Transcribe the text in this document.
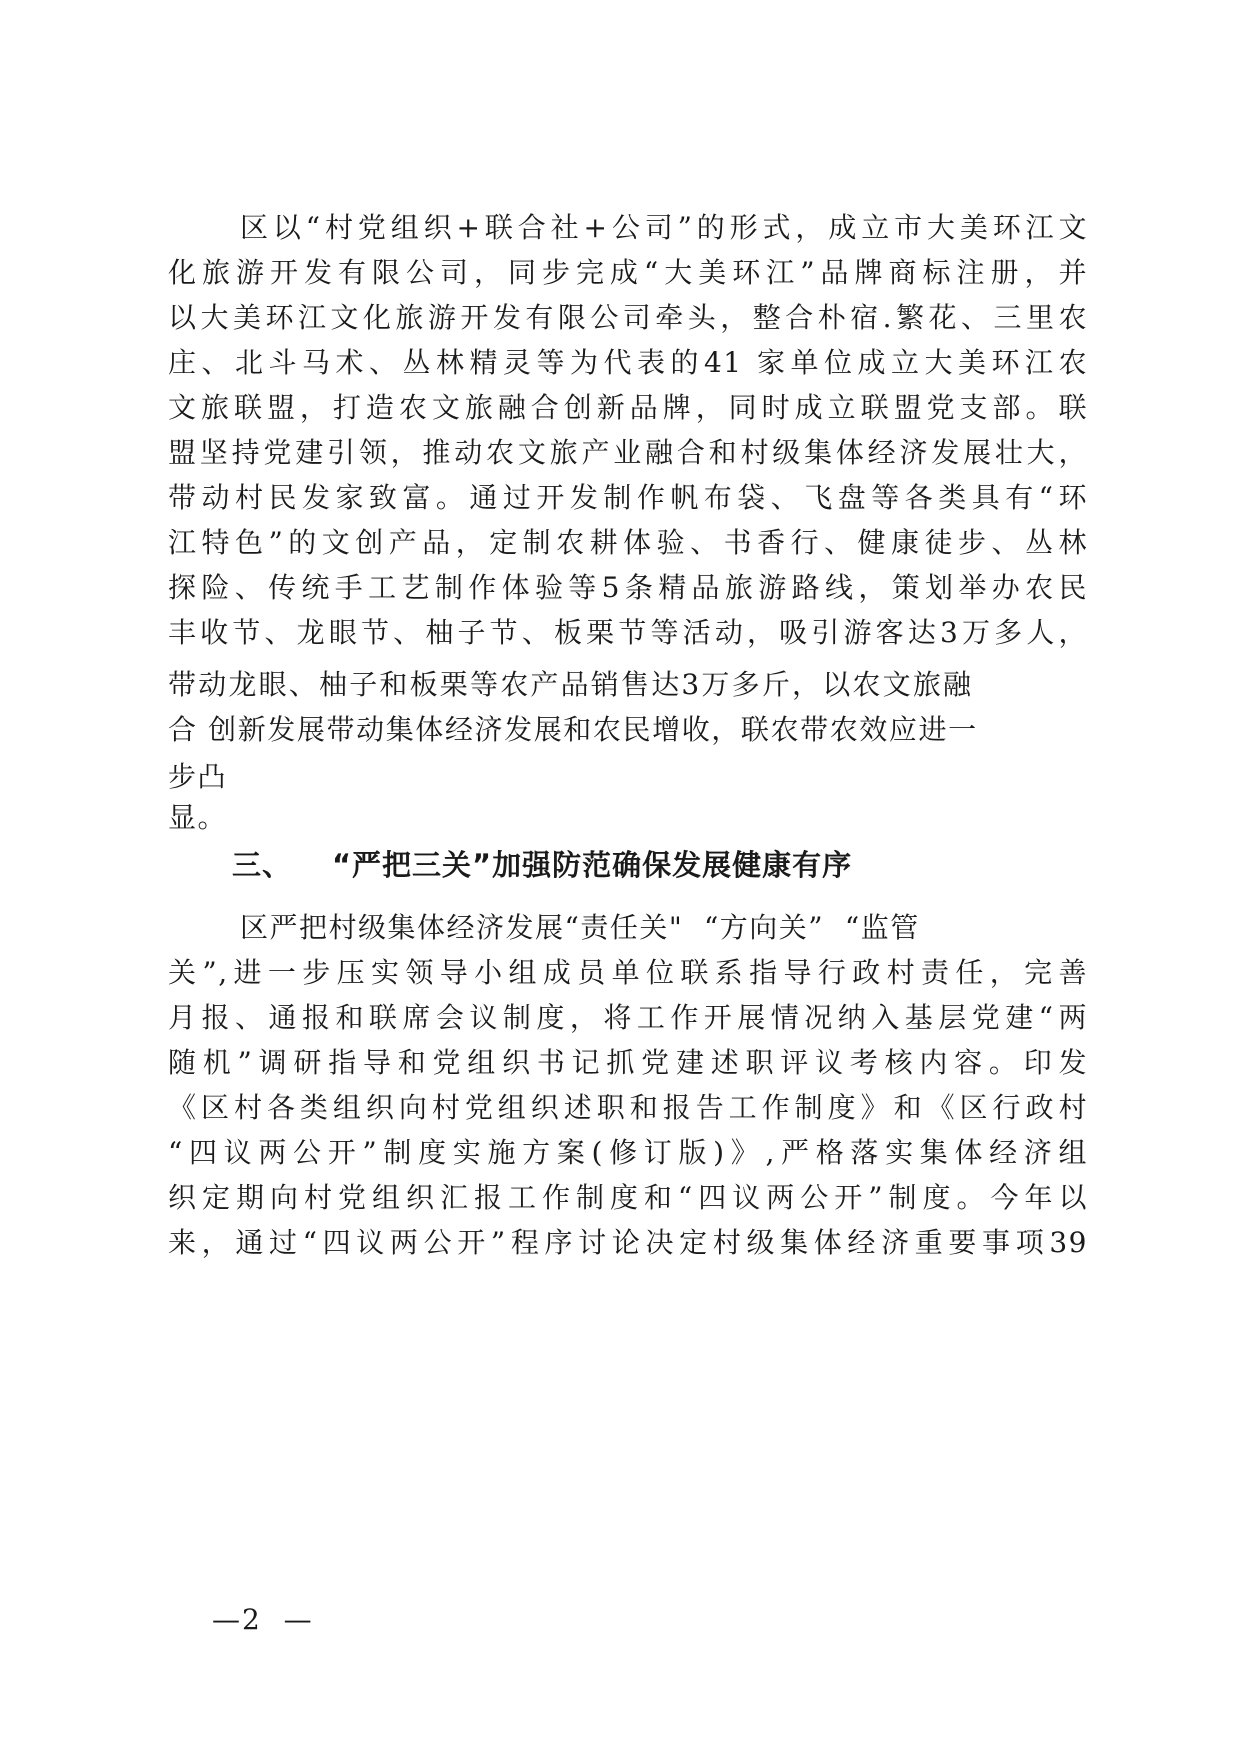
区以“村党组织+联合社+公司”的形式，成立市大美环江文
化旅游开发有限公司，同步完成“大美环江”品牌商标注册，并
以大美环江文化旅游开发有限公司牵头，整合朴宿.繁花、三里农
庄、北斗马术、丛林精灵等为代表的41 家单位成立大美环江农
文旅联盟，打造农文旅融合创新品牌，同时成立联盟党支部。联
盟坚持党建引领，推动农文旅产业融合和村级集体经济发展壮大，
带动村民发家致富。通过开发制作帆布袋、飞盘等各类具有“环
江特色”的文创产品，定制农耕体验、书香行、健康徒步、丛林
探险、传统手工艺制作体验等5条精品旅游路线，策划举办农民
丰收节、龙眼节、柚子节、板栗节等活动，吸引游客达3万多人，
带动龙眼、柚子和板栗等农产品销售达3万多斤，以农文旅融
合 创新发展带动集体经济发展和农民增收，联农带农效应进一
步凸
显。
三、 “严把三关”加强防范确保发展健康有序
区严把村级集体经济发展“责任关"  “方向关”  “监管
关”,进一步压实领导小组成员单位联系指导行政村责任，完善
月报、通报和联席会议制度，将工作开展情况纳入基层党建“两
随机”调研指导和党组织书记抓党建述职评议考核内容。印发
《区村各类组织向村党组织述职和报告工作制度》和《区行政村
“四议两公开”制度实施方案(修订版)》,严格落实集体经济组
织定期向村党组织汇报工作制度和“四议两公开”制度。今年以
来，通过“四议两公开”程序讨论决定村级集体经济重要事项39
—2  —
